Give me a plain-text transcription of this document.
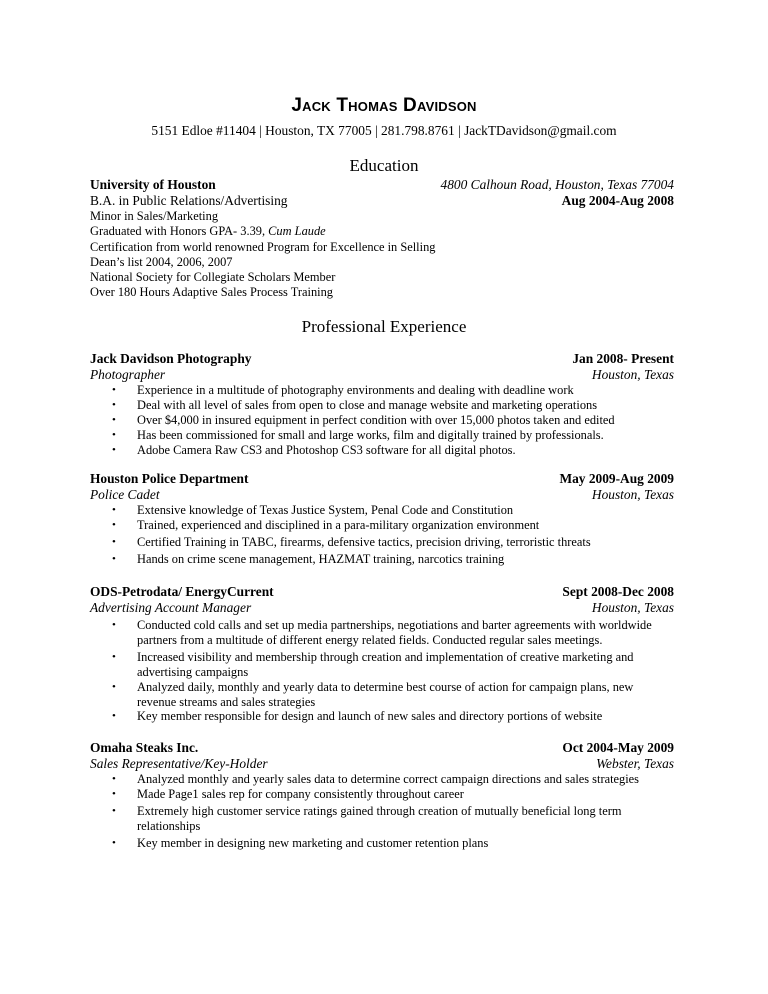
Jack Thomas Davidson
5151 Edloe #11404 | Houston, TX 77005 | 281.798.8761 | JackTDavidson@gmail.com
Education
University of Houston	4800 Calhoun Road, Houston, Texas 77004
B.A. in Public Relations/Advertising	Aug 2004-Aug 2008
Minor in Sales/Marketing
Graduated with Honors GPA- 3.39, Cum Laude
Certification from world renowned Program for Excellence in Selling
Dean’s list 2004, 2006, 2007
National Society for Collegiate Scholars Member
Over 180 Hours Adaptive Sales Process Training
Professional Experience
Jack Davidson Photography	Jan 2008- Present
Photographer	Houston, Texas
• Experience in a multitude of photography environments and dealing with deadline work
• Deal with all level of sales from open to close and manage website and marketing operations
• Over $4,000 in insured equipment in perfect condition with over 15,000 photos taken and edited
• Has been commissioned for small and large works, film and digitally trained by professionals.
• Adobe Camera Raw CS3 and Photoshop CS3 software for all digital photos.
Houston Police Department	May 2009-Aug 2009
Police Cadet	Houston, Texas
• Extensive knowledge of Texas Justice System, Penal Code and Constitution
• Trained, experienced and disciplined in a para-military organization environment
• Certified Training in TABC, firearms, defensive tactics, precision driving, terroristic threats
• Hands on crime scene management, HAZMAT training, narcotics training
ODS-Petrodata/ EnergyCurrent	Sept 2008-Dec 2008
Advertising Account Manager	Houston, Texas
• Conducted cold calls and set up media partnerships, negotiations and barter agreements with worldwide
partners from a multitude of different energy related fields. Conducted regular sales meetings.
• Increased visibility and membership through creation and implementation of creative marketing and
advertising campaigns
• Analyzed daily, monthly and yearly data to determine best course of action for campaign plans, new
revenue streams and sales strategies
• Key member responsible for design and launch of new sales and directory portions of website
Omaha Steaks Inc.	Oct 2004-May 2009
Sales Representative/Key-Holder	Webster, Texas
• Analyzed monthly and yearly sales data to determine correct campaign directions and sales strategies
• Made Page1 sales rep for company consistently throughout career
• Extremely high customer service ratings gained through creation of mutually beneficial long term
relationships
• Key member in designing new marketing and customer retention plans
